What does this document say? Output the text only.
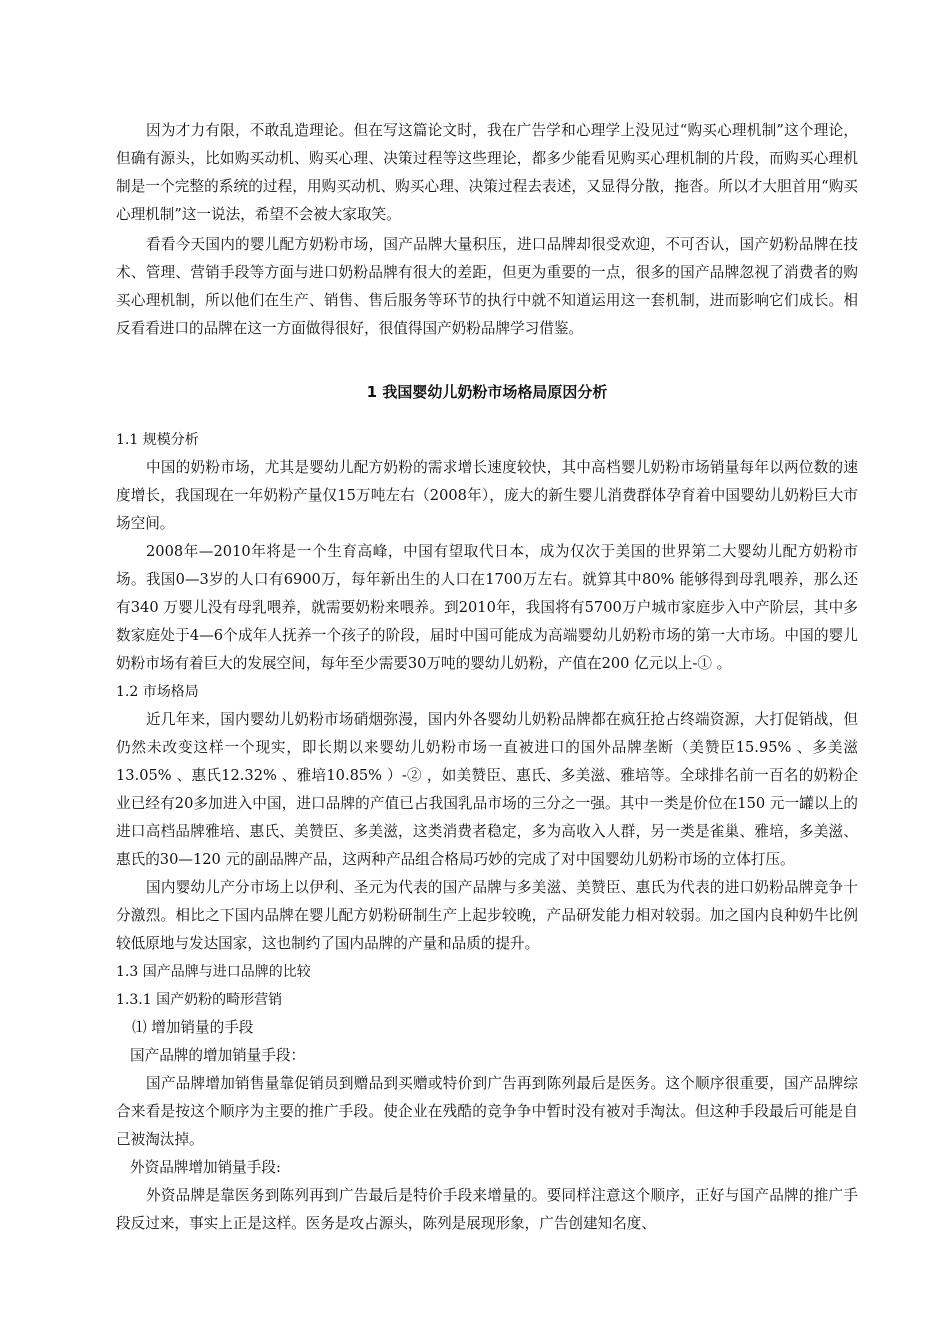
因为才力有限，不敢乱造理论。但在写这篇论文时，我在广告学和心理学上没见过“购买心理机制”这个理论，但确有源头，比如购买动机、购买心理、决策过程等这些理论，都多少能看见购买心理机制的片段，而购买心理机制是一个完整的系统的过程，用购买动机、购买心理、决策过程去表述，又显得分散，拖沓。所以才大胆首用“购买心理机制”这一说法，希望不会被大家取笑。

看看今天国内的婴儿配方奶粉市场，国产品牌大量积压，进口品牌却很受欢迎，不可否认，国产奶粉品牌在技术、管理、营销手段等方面与进口奶粉品牌有很大的差距，但更为重要的一点，很多的国产品牌忽视了消费者的购买心理机制，所以他们在生产、销售、售后服务等环节的执行中就不知道运用这一套机制，进而影响它们成长。相反看看进口的品牌在这一方面做得很好，很值得国产奶粉品牌学习借鉴。

1 我国婴幼儿奶粉市场格局原因分析

1.1 规模分析

中国的奶粉市场，尤其是婴幼儿配方奶粉的需求增长速度较快，其中高档婴儿奶粉市场销量每年以两位数的速度增长，我国现在一年奶粉产量仅15万吨左右（2008年），庞大的新生婴儿消费群体孕育着中国婴幼儿奶粉巨大市场空间。

2008年—2010年将是一个生育高峰，中国有望取代日本，成为仅次于美国的世界第二大婴幼儿配方奶粉市场。我国0—3岁的人口有6900万，每年新出生的人口在1700万左右。就算其中80% 能够得到母乳喂养，那么还有340 万婴儿没有母乳喂养，就需要奶粉来喂养。到2010年，我国将有5700万户城市家庭步入中产阶层，其中多数家庭处于4—6个成年人抚养一个孩子的阶段，届时中国可能成为高端婴幼儿奶粉市场的第一大市场。中国的婴儿奶粉市场有着巨大的发展空间，每年至少需要30万吨的婴幼儿奶粉，产值在200 亿元以上-① 。

1.2 市场格局

近几年来，国内婴幼儿奶粉市场硝烟弥漫，国内外各婴幼儿奶粉品牌都在疯狂抢占终端资源，大打促销战，但仍然未改变这样一个现实，即长期以来婴幼儿奶粉市场一直被进口的国外品牌垄断（美赞臣15.95% 、多美滋13.05% 、惠氏12.32% 、雅培10.85% ）-② ，如美赞臣、惠氏、多美滋、雅培等。全球排名前一百名的奶粉企业已经有20多加进入中国，进口品牌的产值已占我国乳品市场的三分之一强。其中一类是价位在150 元一罐以上的进口高档品牌雅培、惠氏、美赞臣、多美滋，这类消费者稳定，多为高收入人群，另一类是雀巢、雅培，多美滋、惠氏的30—120 元的副品牌产品，这两种产品组合格局巧妙的完成了对中国婴幼儿奶粉市场的立体打压。

国内婴幼儿产分市场上以伊利、圣元为代表的国产品牌与多美滋、美赞臣、惠氏为代表的进口奶粉品牌竞争十分激烈。相比之下国内品牌在婴儿配方奶粉研制生产上起步较晚，产品研发能力相对较弱。加之国内良种奶牛比例较低原地与发达国家，这也制约了国内品牌的产量和品质的提升。

1.3 国产品牌与进口品牌的比较

1.3.1 国产奶粉的畸形营销

⑴ 增加销量的手段

国产品牌的增加销量手段：

国产品牌增加销售量靠促销员到赠品到买赠或特价到广告再到陈列最后是医务。这个顺序很重要，国产品牌综合来看是按这个顺序为主要的推广手段。使企业在残酷的竞争争中暂时没有被对手淘汰。但这种手段最后可能是自己被淘汰掉。

外资品牌增加销量手段:

外资品牌是靠医务到陈列再到广告最后是特价手段来增量的。要同样注意这个顺序，正好与国产品牌的推广手段反过来，事实上正是这样。医务是攻占源头，陈列是展现形象，广告创建知名度、
